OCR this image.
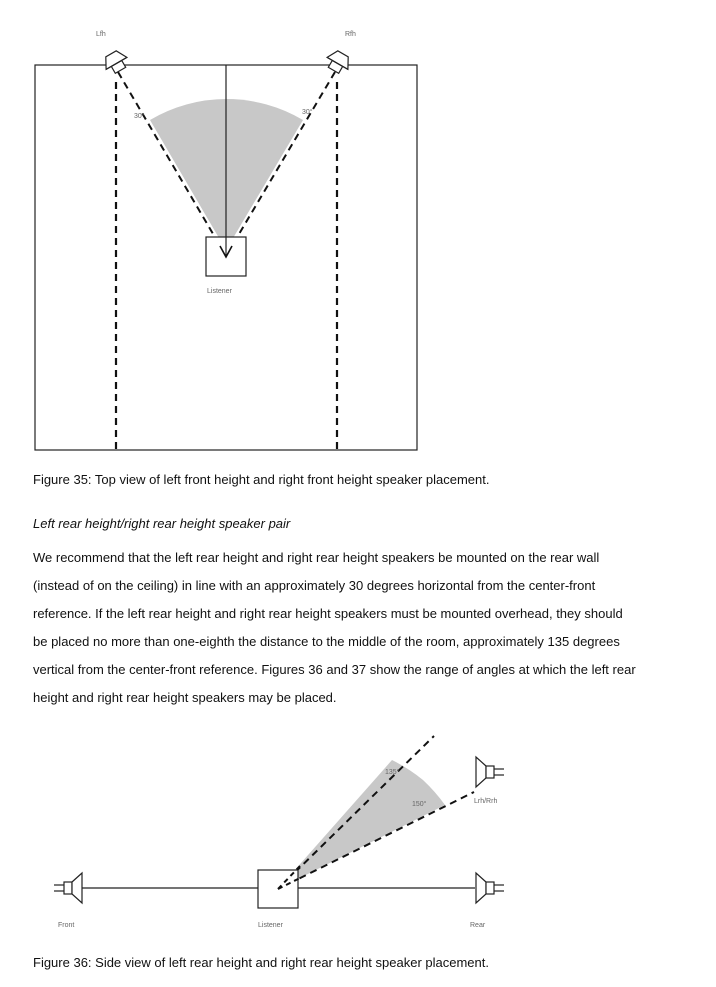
Lfh	Rfh
30°
30°
Listener
Figure 35: Top view of left front height and right front height speaker placement.
Left rear height/right rear height speaker pair
We recommend that the left rear height and right rear height speakers be mounted on the rear wall
(instead of on the ceiling) in line with an approximately 30 degrees horizontal from the center-front
reference. If the left rear height and right rear height speakers must be mounted overhead, they should
be placed no more than one-eighth the distance to the middle of the room, approximately 135 degrees
vertical from the center-front reference. Figures 36 and 37 show the range of angles at which the left rear
height and right rear height speakers may be placed.
135°
150°	Lrh/Rrh
Front	Listener	Rear
Figure 36: Side view of left rear height and right rear height speaker placement.
